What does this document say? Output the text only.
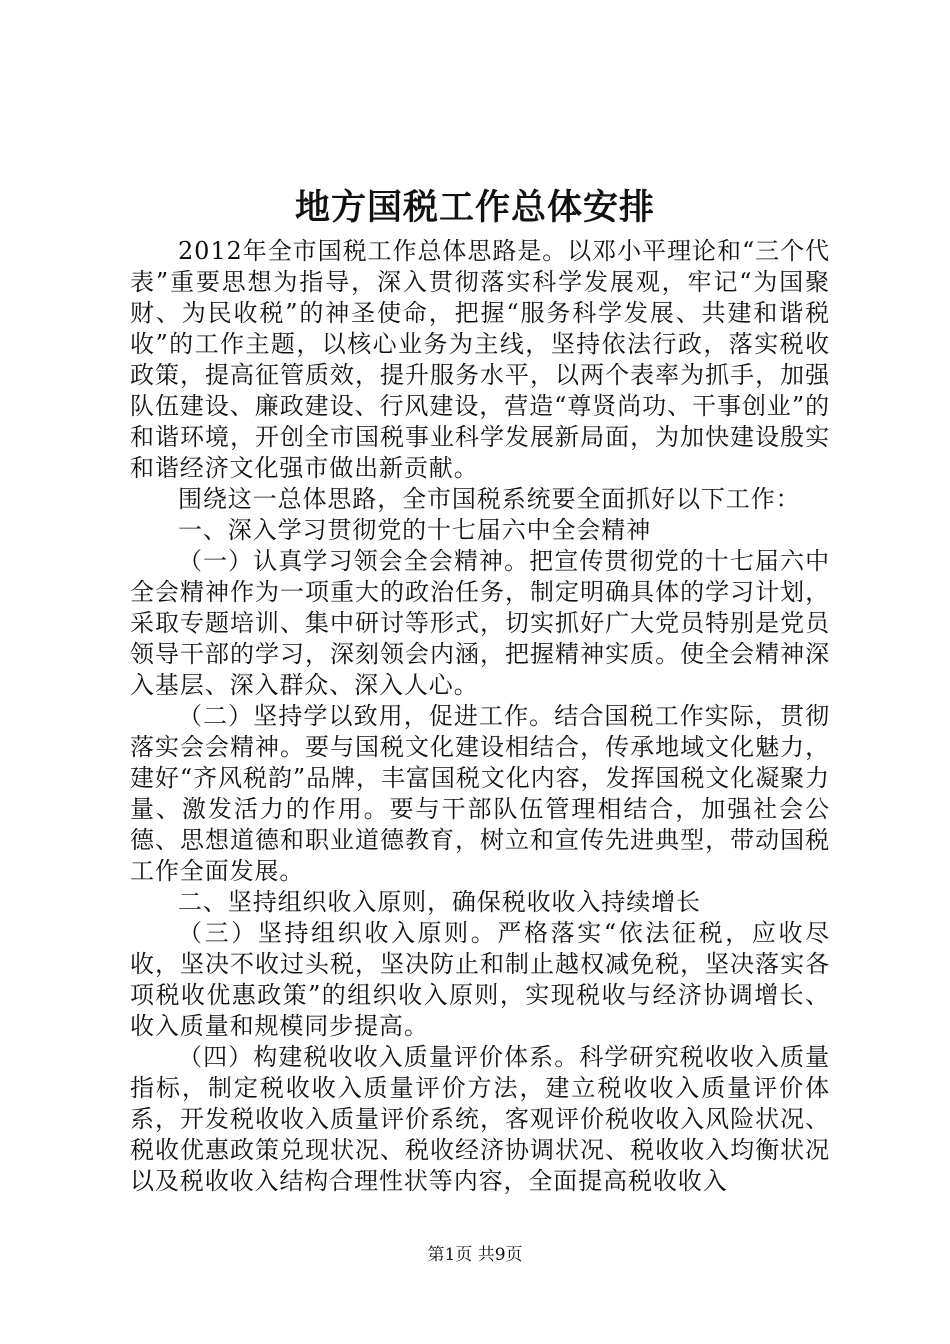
地方国税工作总体安排

2012年全市国税工作总体思路是。以邓小平理论和“三个代表”重要思想为指导，深入贯彻落实科学发展观，牢记“为国聚财、为民收税”的神圣使命，把握“服务科学发展、共建和谐税收”的工作主题，以核心业务为主线，坚持依法行政，落实税收政策，提高征管质效，提升服务水平，以两个表率为抓手，加强队伍建设、廉政建设、行风建设，营造“尊贤尚功、干事创业”的和谐环境，开创全市国税事业科学发展新局面，为加快建设殷实和谐经济文化强市做出新贡献。

围绕这一总体思路，全市国税系统要全面抓好以下工作：

一、深入学习贯彻党的十七届六中全会精神

（一）认真学习领会全会精神。把宣传贯彻党的十七届六中全会精神作为一项重大的政治任务，制定明确具体的学习计划，采取专题培训、集中研讨等形式，切实抓好广大党员特别是党员领导干部的学习，深刻领会内涵，把握精神实质。使全会精神深入基层、深入群众、深入人心。

（二）坚持学以致用，促进工作。结合国税工作实际，贯彻落实会会精神。要与国税文化建设相结合，传承地域文化魅力，建好“齐风税韵”品牌，丰富国税文化内容，发挥国税文化凝聚力量、激发活力的作用。要与干部队伍管理相结合，加强社会公德、思想道德和职业道德教育，树立和宣传先进典型，带动国税工作全面发展。

二、坚持组织收入原则，确保税收收入持续增长

（三）坚持组织收入原则。严格落实“依法征税，应收尽收，坚决不收过头税，坚决防止和制止越权减免税，坚决落实各项税收优惠政策”的组织收入原则，实现税收与经济协调增长、收入质量和规模同步提高。

（四）构建税收收入质量评价体系。科学研究税收收入质量指标，制定税收收入质量评价方法，建立税收收入质量评价体系，开发税收收入质量评价系统，客观评价税收收入风险状况、税收优惠政策兑现状况、税收经济协调状况、税收收入均衡状况以及税收收入结构合理性状等内容，全面提高税收收入

第1页 共9页
